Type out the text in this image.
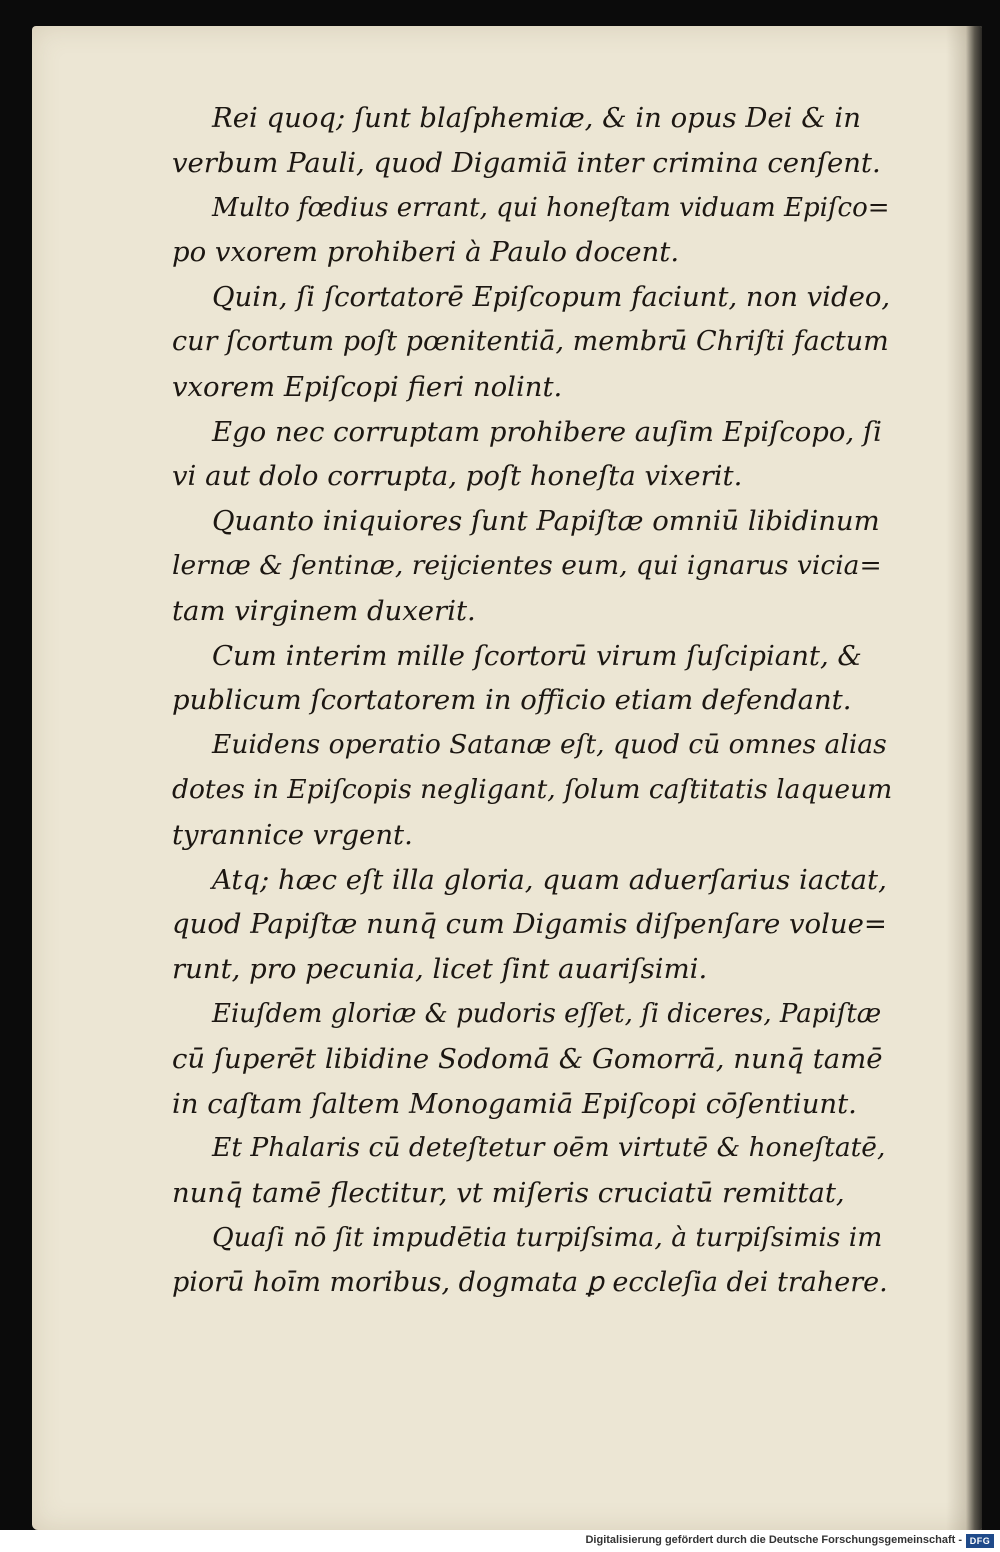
Rei quoq; ſunt blaſphemiæ, & in opus Dei & in
verbum Pauli, quod Digamiā inter crimina cenſent.
Multo fœdius errant, qui honeſtam viduam Epiſco=
po vxorem prohiberi à Paulo docent.
Quin, ſi ſcortatorē Epiſcopum faciunt, non video,
cur ſcortum poſt pœnitentiā, membrū Chriſti factum
vxorem Epiſcopi fieri nolint.
Ego nec corruptam prohibere auſim Epiſcopo, ſi
vi aut dolo corrupta, poſt honeſta vixerit.
Quanto iniquiores ſunt Papiſtæ omniū libidinum
lernæ & ſentinæ, reijcientes eum, qui ignarus vicia=
tam virginem duxerit.
Cum interim mille ſcortorū virum ſuſcipiant, &
publicum ſcortatorem in officio etiam defendant.
Euidens operatio Satanæ eſt, quod cū omnes alias
dotes in Epiſcopis negligant, ſolum caſtitatis laqueum
tyrannice vrgent.
Atq; hæc eſt illa gloria, quam aduerſarius iactat,
quod Papiſtæ nunq̄ cum Digamis diſpenſare volue=
runt, pro pecunia, licet ſint auariſsimi.
Eiuſdem gloriæ & pudoris eſſet, ſi diceres, Papiſtæ
cū ſuperēt libidine Sodomā & Gomorrā, nunq̄ tamē
in caſtam ſaltem Monogamiā Epiſcopi cōſentiunt.
Et Phalaris cū deteſtetur oēm virtutē & honeſtatē,
nunq̄ tamē flectitur, vt miſeris cruciatū remittat,
Quaſi nō ſit impudētia turpiſsima, à turpiſsimis im
piorū hoīm moribus, dogmata ꝑ eccleſia dei trahere.
Digitalisierung gefördert durch die Deutsche Forschungsgemeinschaft - DFG
